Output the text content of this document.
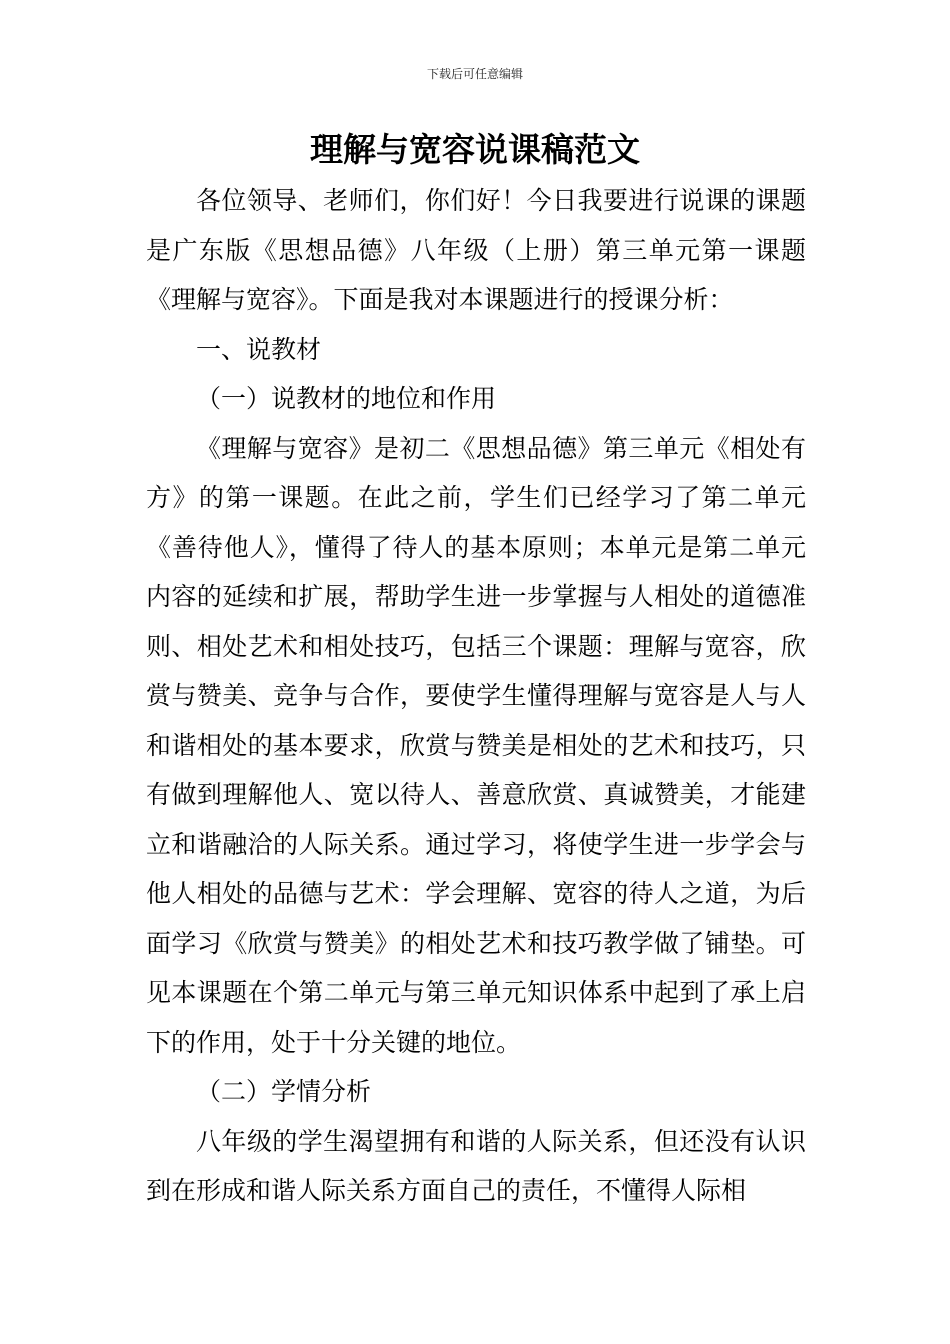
下载后可任意编辑
理解与宽容说课稿范文

各位领导、老师们，你们好！今日我要进行说课的课题是广东版《思想品德》八年级（上册）第三单元第一课题《理解与宽容》。下面是我对本课题进行的授课分析：

一、说教材

（一）说教材的地位和作用

《理解与宽容》是初二《思想品德》第三单元《相处有方》的第一课题。在此之前，学生们已经学习了第二单元《善待他人》，懂得了待人的基本原则；本单元是第二单元内容的延续和扩展，帮助学生进一步掌握与人相处的道德准则、相处艺术和相处技巧，包括三个课题：理解与宽容，欣赏与赞美、竞争与合作，要使学生懂得理解与宽容是人与人和谐相处的基本要求，欣赏与赞美是相处的艺术和技巧，只有做到理解他人、宽以待人、善意欣赏、真诚赞美，才能建立和谐融洽的人际关系。通过学习，将使学生进一步学会与他人相处的品德与艺术：学会理解、宽容的待人之道，为后面学习《欣赏与赞美》的相处艺术和技巧教学做了铺垫。可见本课题在个第二单元与第三单元知识体系中起到了承上启下的作用，处于十分关键的地位。

（二）学情分析

八年级的学生渴望拥有和谐的人际关系，但还没有认识到在形成和谐人际关系方面自己的责任，不懂得人际相
